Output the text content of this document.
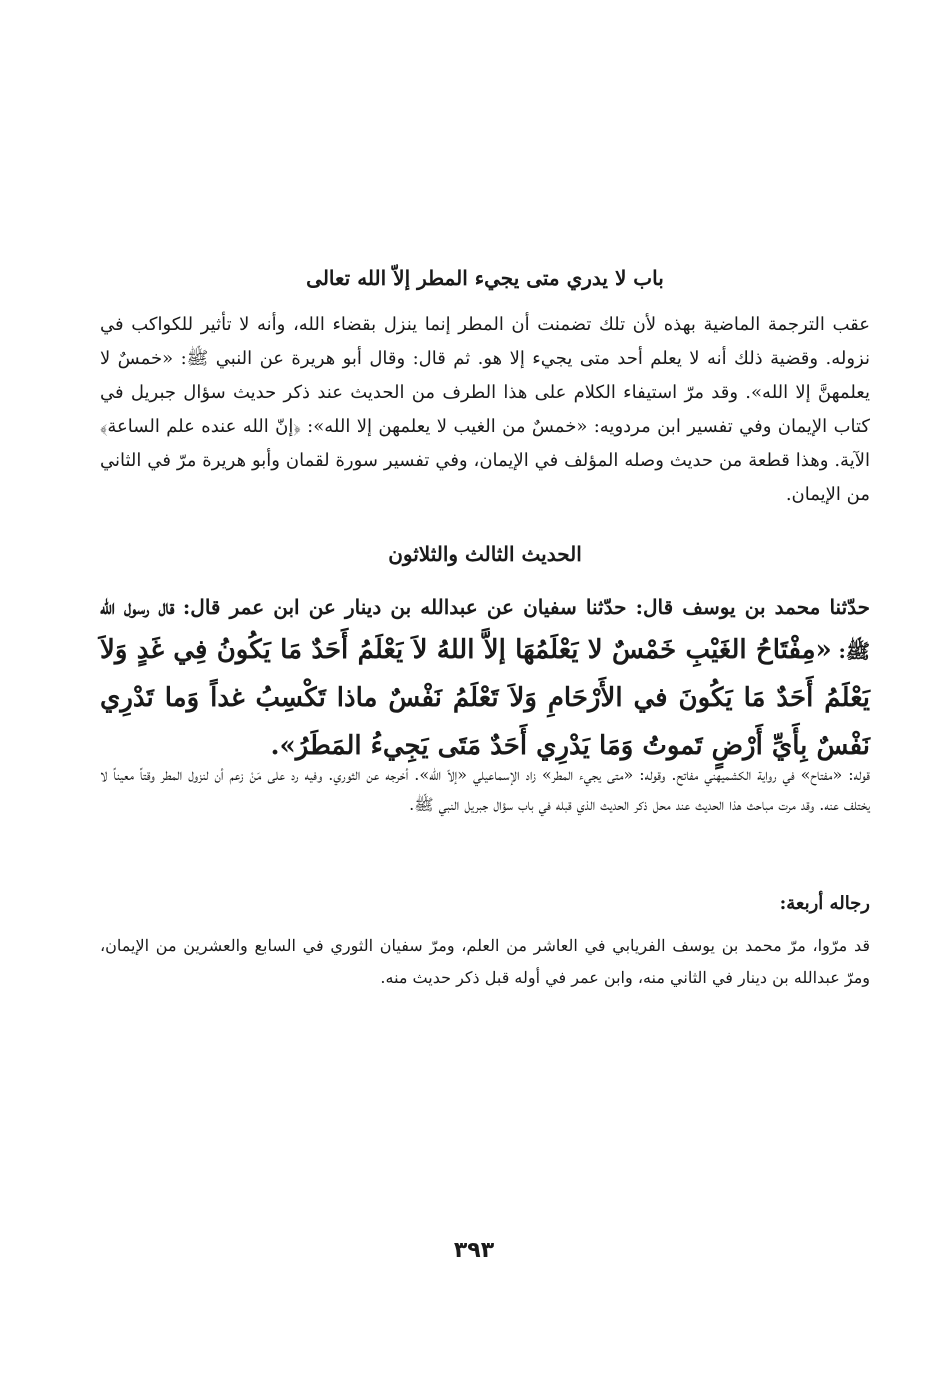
باب لا يدري متى يجيء المطر إلاّ الله تعالى
عقب الترجمة الماضية بهذه لأن تلك تضمنت أن المطر إنما ينزل بقضاء الله، وأنه لا تأثير للكواكب في نزوله. وقضية ذلك أنه لا يعلم أحد متى يجيء إلا هو. ثم قال: وقال أبو هريرة عن النبي ﷺ: «خمسٌ لا يعلمهنَّ إلا الله». وقد مرّ استيفاء الكلام على هذا الطرف من الحديث عند ذكر حديث سؤال جبريل في كتاب الإيمان وفي تفسير ابن مردويه: «خمسٌ من الغيب لا يعلمهن إلا الله»: ﴿إنّ الله عنده علم الساعة﴾ الآية. وهذا قطعة من حديث وصله المؤلف في الإيمان، وفي تفسير سورة لقمان وأبو هريرة مرّ في الثاني من الإيمان.
الحديث الثالث والثلاثون
حدّثنا محمد بن يوسف قال: حدّثنا سفيان عن عبدالله بن دينار عن ابن عمر قال: قال رسول الله ﷺ: «مِفْتَاحُ الغَيْبِ خَمْسٌ لا يَعْلَمُهَا إلاَّ اللهُ لاَ يَعْلَمُ أَحَدٌ مَا يَكُونُ فِي غَدٍ وَلاَ يَعْلَمُ أَحَدٌ مَا يَكُونَ في الأَرْحَامِ وَلاَ تَعْلَمُ نَفْسٌ ماذا تَكْسِبُ غداً وَما تَدْرِي نَفْسٌ بِأَيِّ أَرْضٍ تَموتُ وَمَا يَدْرِي أَحَدٌ مَتَى يَجِيءُ المَطَرُ».
قوله: «مفتاح» في رواية الكشميهني مفاتح. وقوله: «متى يجيء المطر» زاد الإسماعيلي «إلاّ الله». أخرجه عن الثوري. وفيه رد على مَنْ زعم أن لنزول المطر وقتاً معيناً لا يختلف عنه. وقد مرت مباحث هذا الحديث عند محل ذكر الحديث الذي قبله في باب سؤال جبريل النبي ﷺ.
رجاله أربعة:
قد مرّوا، مرّ محمد بن يوسف الفريابي في العاشر من العلم، ومرّ سفيان الثوري في السابع والعشرين من الإيمان، ومرّ عبدالله بن دينار في الثاني منه، وابن عمر في أوله قبل ذكر حديث منه.
٣٩٣
